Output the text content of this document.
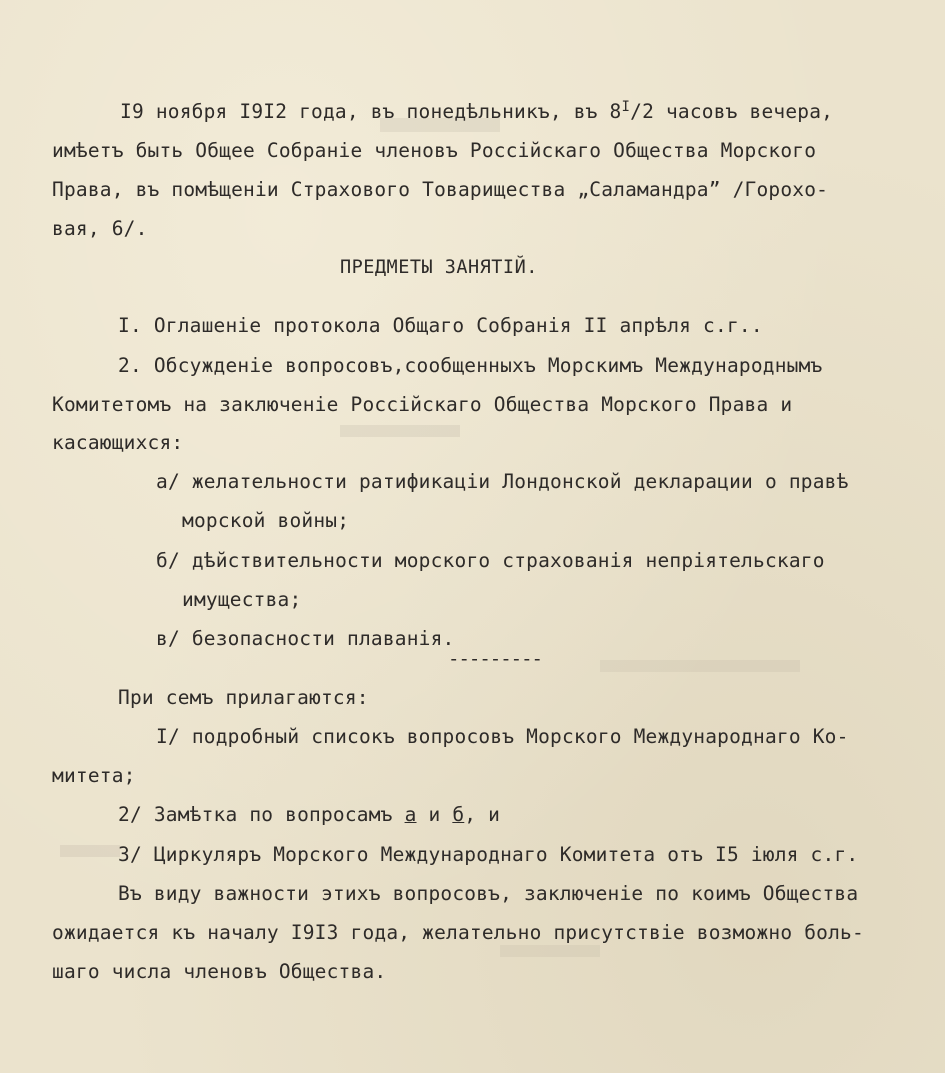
I9 ноября I9I2 года, въ понедѣльникъ, въ $8^I/2$ часовъ вечера,
имѣетъ быть Общее Собраніе членовъ Россійскаго Общества Морского
Права, въ помѣщеніи Страхового Товарищества „Саламандра” /Горохо-
вая, 6/.
ПРЕДМЕТЫ ЗАНЯТІЙ.
I. Оглашеніе протокола Общаго Собранія II апрѣля с.г..
2. Обсужденіе вопросовъ,сообщенныхъ Морскимъ Международнымъ
Комитетомъ на заключеніе Россійскаго Общества Морского Права и
касающихся:
а/ желательности ратификаціи Лондонской декларации о правѣ
морской войны;
б/ дѣйствительности морского страхованія непріятельскаго
имущества;
в/ безопасности плаванія.
---------
При семъ прилагаются:
I/ подробный списокъ вопросовъ Морского Международнаго Ко-
митета;
2/ Замѣтка по вопросамъ а и б, и
3/ Циркуляръ Морского Международнаго Комитета отъ I5 іюля с.г.
Въ виду важности этихъ вопросовъ, заключеніе по коимъ Общества
ожидается къ началу I9I3 года, желательно присутствіе возможно боль-
шаго числа членовъ Общества.
